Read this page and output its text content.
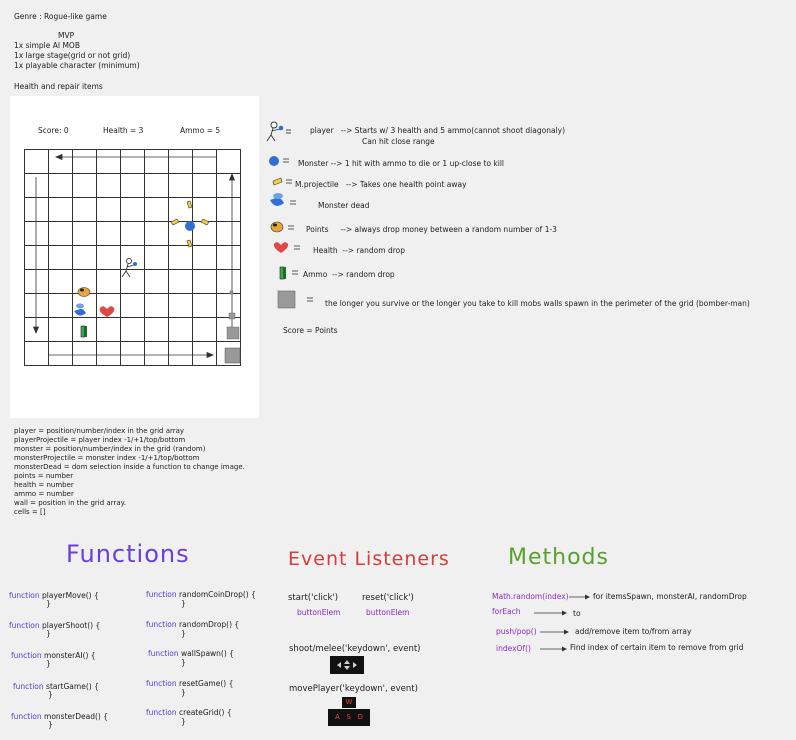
Genre : Rogue-like game
MVP
1x simple AI MOB
1x large stage(grid or not grid)
1x playable character (minimum)
Health and repair items
Score: 0	Health = 3	Ammo = 5	player   --> Starts w/ 3 health and 5 ammo(cannot shoot diagonaly)
Can hit close range
Monster --> 1 hit with ammo to die or 1 up-close to kill
M.projectile   --> Takes one health point away
Monster dead
Points     --> always drop money between a random number of 1-3
Health  --> random drop
Ammo  --> random drop
the longer you survive or the longer you take to kill mobs walls spawn in the perimeter of the grid (bomber-man)
Score = Points
player = position/number/index in the grid array
playerProjectile = player index -1/+1/top/bottom
monster = position/number/index in the grid (random)
monsterProjectile = monster index -1/+1/top/bottom
monsterDead = dom selection inside a function to change image.
points = number
health = number
ammo = number
wall = position in the grid array.
cells = []
Functions
function playerMove() {
}
function playerShoot() {
}
function monsterAI() {
}
function startGame() {
}
function monsterDead() {
}
function randomCoinDrop() {
}
function randomDrop() {
}
function wallSpawn() {
}
function resetGame() {
}
function createGrid() {
}
Event Listeners
start('click')	reset('click')
buttonElem	buttonElem
shoot/melee('keydown', event)
movePlayer('keydown', event)
W
A S D
Methods
Math.random(index)	for itemsSpawn, monsterAI, randomDrop
forEach	to
push/pop()	add/remove item to/from array
indexOf()	Find index of certain item to remove from grid
